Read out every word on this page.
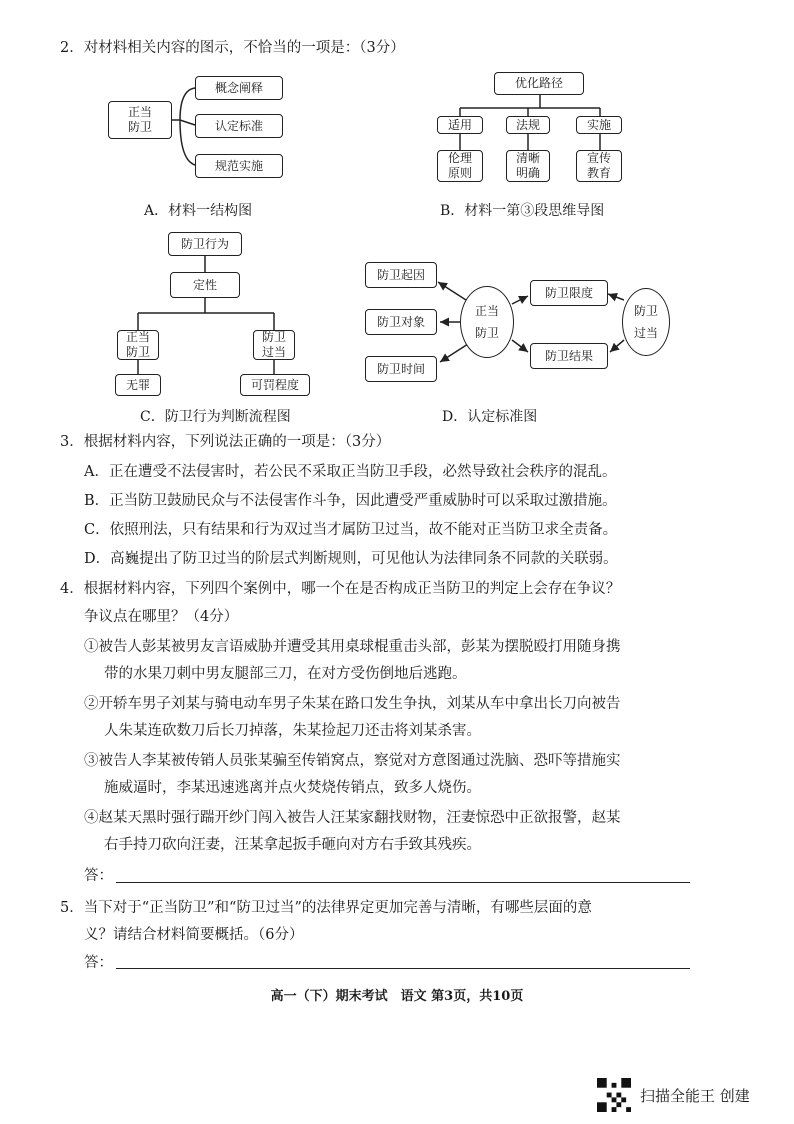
2．对材料相关内容的图示，不恰当的一项是：（3分）
正当
防卫
概念阐释
认定标准
规范实施
A．材料一结构图
优化路径
适用	法规	实施
伦理
原则
清晰
明确
宣传
教育
B．材料一第③段思维导图
防卫行为
定性
正当
防卫
防卫
过当
无罪	可罚程度
C．防卫行为判断流程图
防卫起因
防卫对象
防卫时间
正当
防卫
防卫限度
防卫结果
防卫
过当
D．认定标准图
3．根据材料内容，下列说法正确的一项是：（3分）
A．正在遭受不法侵害时，若公民不采取正当防卫手段，必然导致社会秩序的混乱。
B．正当防卫鼓励民众与不法侵害作斗争，因此遭受严重威胁时可以采取过激措施。
C．依照刑法，只有结果和行为双过当才属防卫过当，故不能对正当防卫求全责备。
D．高巍提出了防卫过当的阶层式判断规则，可见他认为法律同条不同款的关联弱。
4．根据材料内容，下列四个案例中，哪一个在是否构成正当防卫的判定上会存在争议？
争议点在哪里？（4分）
①被告人彭某被男友言语威胁并遭受其用桌球棍重击头部，彭某为摆脱殴打用随身携
带的水果刀刺中男友腿部三刀，在对方受伤倒地后逃跑。
②开轿车男子刘某与骑电动车男子朱某在路口发生争执，刘某从车中拿出长刀向被告
人朱某连砍数刀后长刀掉落，朱某捡起刀还击将刘某杀害。
③被告人李某被传销人员张某骗至传销窝点，察觉对方意图通过洗脑、恐吓等措施实
施威逼时，李某迅速逃离并点火焚烧传销点，致多人烧伤。
④赵某天黑时强行踹开纱门闯入被告人汪某家翻找财物，汪妻惊恐中正欲报警，赵某
右手持刀砍向汪妻，汪某拿起扳手砸向对方右手致其残疾。
答：
5．当下对于“正当防卫”和“防卫过当”的法律界定更加完善与清晰，有哪些层面的意
义？请结合材料简要概括。（6分）
答：
高一（下）期末考试　语文 第3页，共10页
扫描全能王 创建
